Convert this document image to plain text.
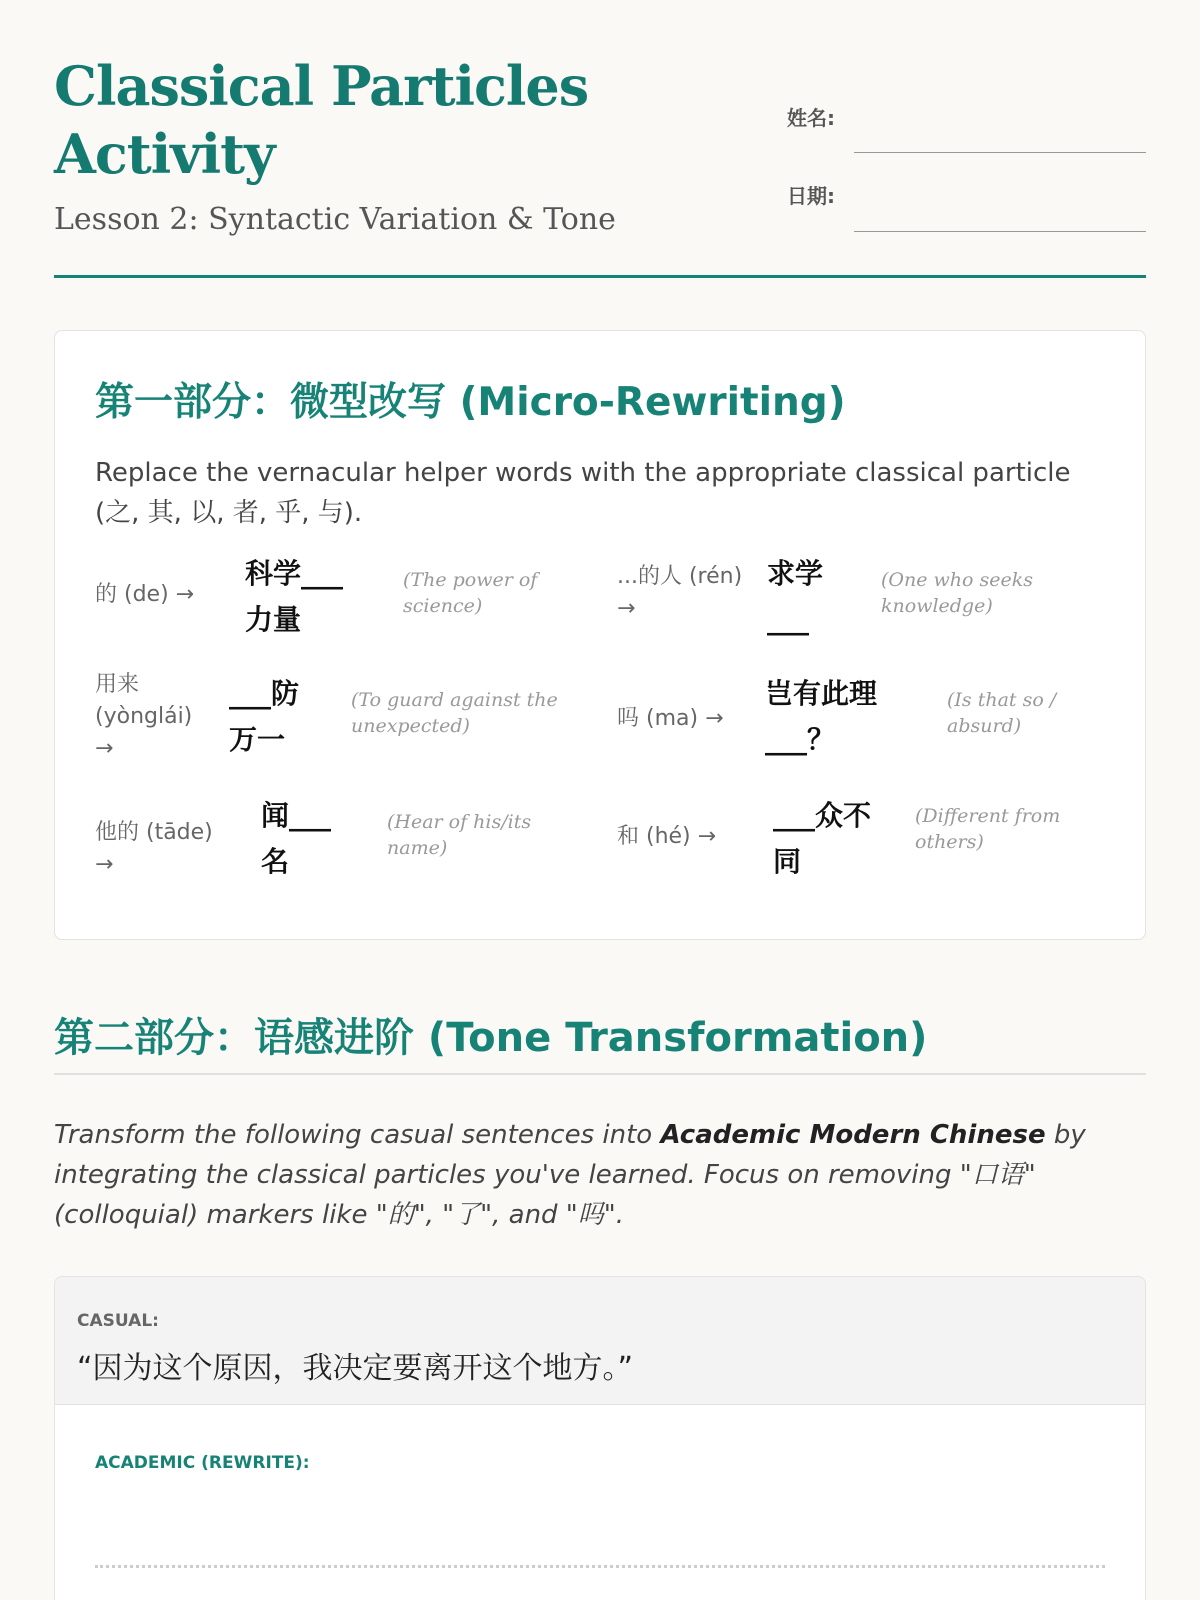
Classical Particles Activity
Lesson 2: Syntactic Variation & Tone
姓名:
日期:
第一部分：微型改写 (Micro-Rewriting)
Replace the vernacular helper words with the appropriate classical particle (之, 其, 以, 者, 乎, 与).
的 (de) →
科学___力量
(The power of science)
...的人 (rén) →
求学___
(One who seeks knowledge)
用来 (yònglái) →
___防万一
(To guard against the unexpected)	吗 (ma) →
岂有此理___？
(Is that so / absurd)
他的 (tāde) →
闻___名
(Hear of his/its name)	和 (hé) →
___众不同
(Different from others)
第二部分：语感进阶 (Tone Transformation)
Transform the following casual sentences into Academic Modern Chinese by integrating the classical particles you've learned. Focus on removing "口语" (colloquial) markers like "的", "了", and "吗".
CASUAL:
“因为这个原因，我决定要离开这个地方。”
ACADEMIC (REWRITE):
